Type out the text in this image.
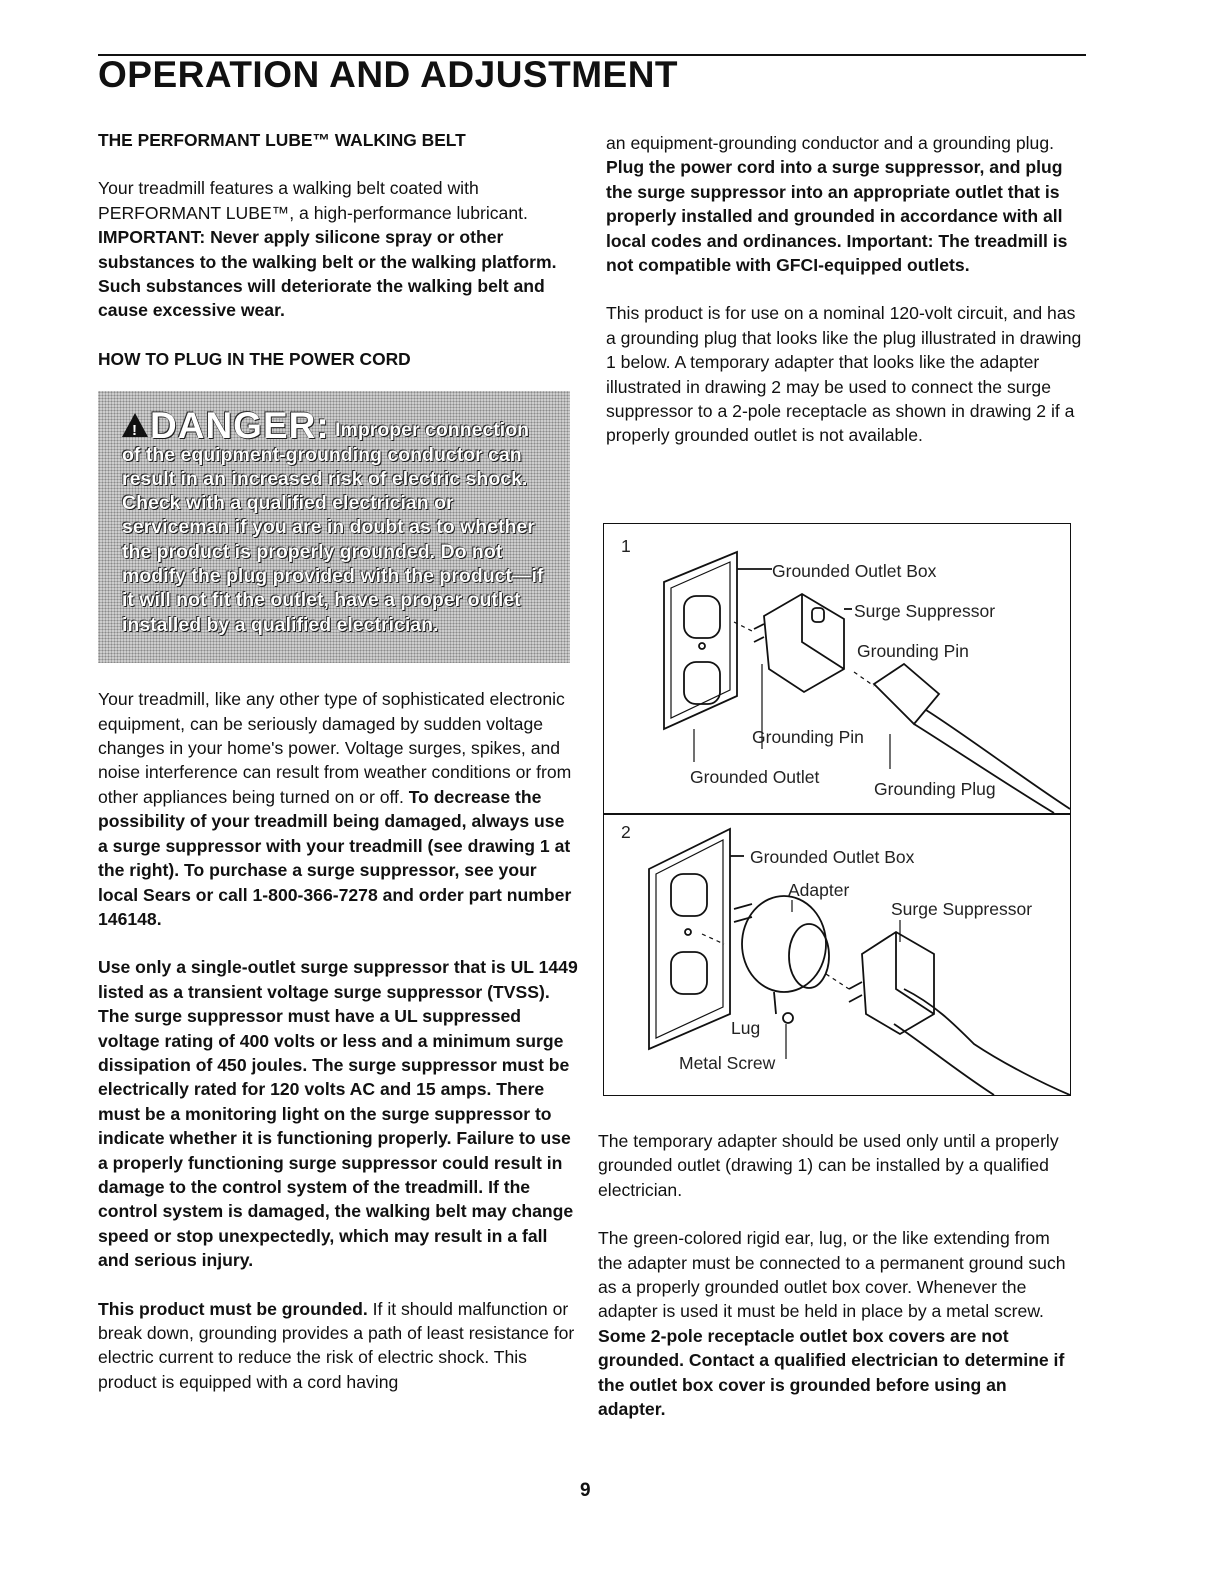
OPERATION AND ADJUSTMENT

THE PERFORMANT LUBE™ WALKING BELT

Your treadmill features a walking belt coated with PERFORMANT LUBE™, a high-performance lubricant. IMPORTANT: Never apply silicone spray or other substances to the walking belt or the walking platform. Such substances will deteriorate the walking belt and cause excessive wear.

HOW TO PLUG IN THE POWER CORD

!DANGER: Improper connection of the equipment-grounding conductor can result in an increased risk of electric shock. Check with a qualified electrician or serviceman if you are in doubt as to whether the product is properly grounded. Do not modify the plug provided with the product—if it will not fit the outlet, have a proper outlet installed by a qualified electrician.

Your treadmill, like any other type of sophisticated electronic equipment, can be seriously damaged by sudden voltage changes in your home's power. Voltage surges, spikes, and noise interference can result from weather conditions or from other appliances being turned on or off. To decrease the possibility of your treadmill being damaged, always use a surge suppressor with your treadmill (see drawing 1 at the right). To purchase a surge suppressor, see your local Sears or call 1-800-366-7278 and order part number 146148.

Use only a single-outlet surge suppressor that is UL 1449 listed as a transient voltage surge suppressor (TVSS). The surge suppressor must have a UL suppressed voltage rating of 400 volts or less and a minimum surge dissipation of 450 joules. The surge suppressor must be electrically rated for 120 volts AC and 15 amps. There must be a monitoring light on the surge suppressor to indicate whether it is functioning properly. Failure to use a properly functioning surge suppressor could result in damage to the control system of the treadmill. If the control system is damaged, the walking belt may change speed or stop unexpectedly, which may result in a fall and serious injury.

This product must be grounded. If it should malfunction or break down, grounding provides a path of least resistance for electric current to reduce the risk of electric shock. This product is equipped with a cord having

an equipment-grounding conductor and a grounding plug. Plug the power cord into a surge suppressor, and plug the surge suppressor into an appropriate outlet that is properly installed and grounded in accordance with all local codes and ordinances. Important: The treadmill is not compatible with GFCI-equipped outlets.

This product is for use on a nominal 120-volt circuit, and has a grounding plug that looks like the plug illustrated in drawing 1 below. A temporary adapter that looks like the adapter illustrated in drawing 2 may be used to connect the surge suppressor to a 2-pole receptacle as shown in drawing 2 if a properly grounded outlet is not available.

1
Grounded Outlet Box
Surge Suppressor
Grounding Pin
Grounding Pin
Grounded Outlet
Grounding Plug
2
Grounded Outlet Box
Adapter
Surge Suppressor
Lug
Metal Screw

The temporary adapter should be used only until a properly grounded outlet (drawing 1) can be installed by a qualified electrician.

The green-colored rigid ear, lug, or the like extending from the adapter must be connected to a permanent ground such as a properly grounded outlet box cover. Whenever the adapter is used it must be held in place by a metal screw. Some 2-pole receptacle outlet box covers are not grounded. Contact a qualified electrician to determine if the outlet box cover is grounded before using an adapter.

9
